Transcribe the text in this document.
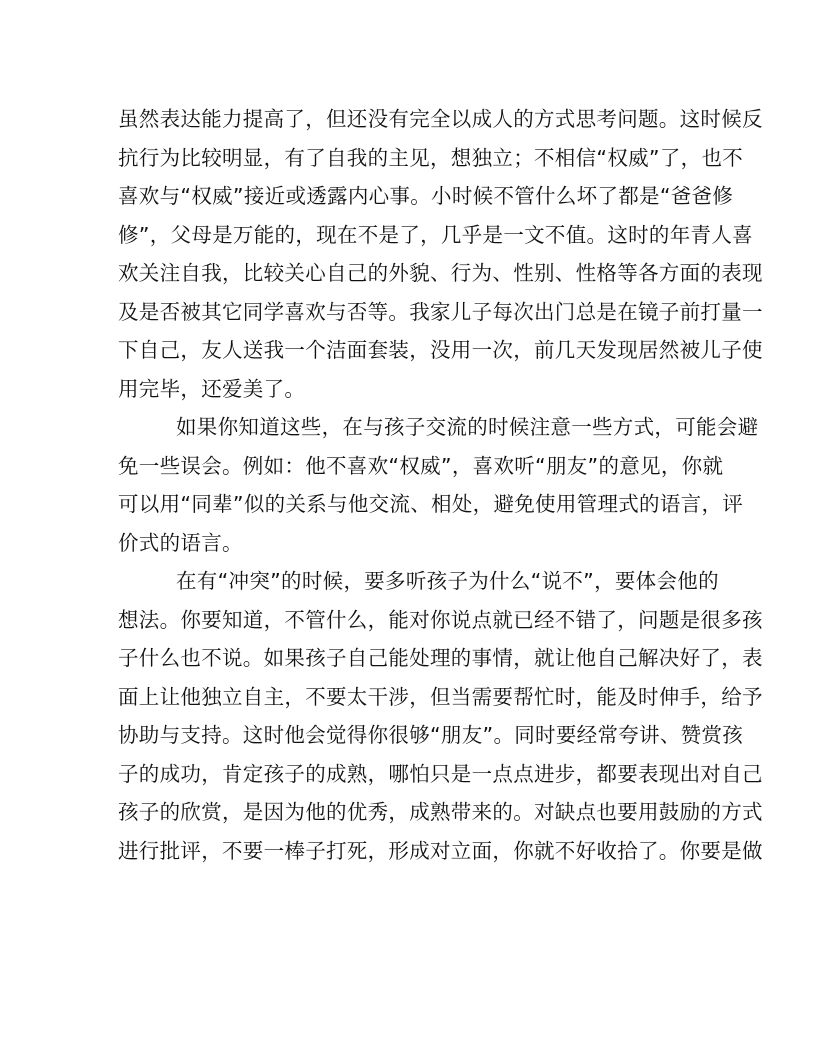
虽然表达能力提高了，但还没有完全以成人的方式思考问题。这时候反

抗行为比较明显，有了自我的主见，想独立；不相信“权威”了，也不

喜欢与“权威”接近或透露内心事。小时候不管什么坏了都是“爸爸修

修”，父母是万能的，现在不是了，几乎是一文不值。这时的年青人喜

欢关注自我，比较关心自己的外貌、行为、性别、性格等各方面的表现

及是否被其它同学喜欢与否等。我家儿子每次出门总是在镜子前打量一

下自己，友人送我一个洁面套装，没用一次，前几天发现居然被儿子使

用完毕，还爱美了。

如果你知道这些，在与孩子交流的时候注意一些方式，可能会避

免一些误会。例如：他不喜欢“权威”，喜欢听“朋友”的意见，你就

可以用“同辈”似的关系与他交流、相处，避免使用管理式的语言，评

价式的语言。

在有“冲突”的时候，要多听孩子为什么“说不”，要体会他的

想法。你要知道，不管什么，能对你说点就已经不错了，问题是很多孩

子什么也不说。如果孩子自己能处理的事情，就让他自己解决好了，表

面上让他独立自主，不要太干涉，但当需要帮忙时，能及时伸手，给予

协助与支持。这时他会觉得你很够“朋友”。同时要经常夸讲、赞赏孩

子的成功，肯定孩子的成熟，哪怕只是一点点进步，都要表现出对自己

孩子的欣赏，是因为他的优秀，成熟带来的。对缺点也要用鼓励的方式

进行批评，不要一棒子打死，形成对立面，你就不好收拾了。你要是做
